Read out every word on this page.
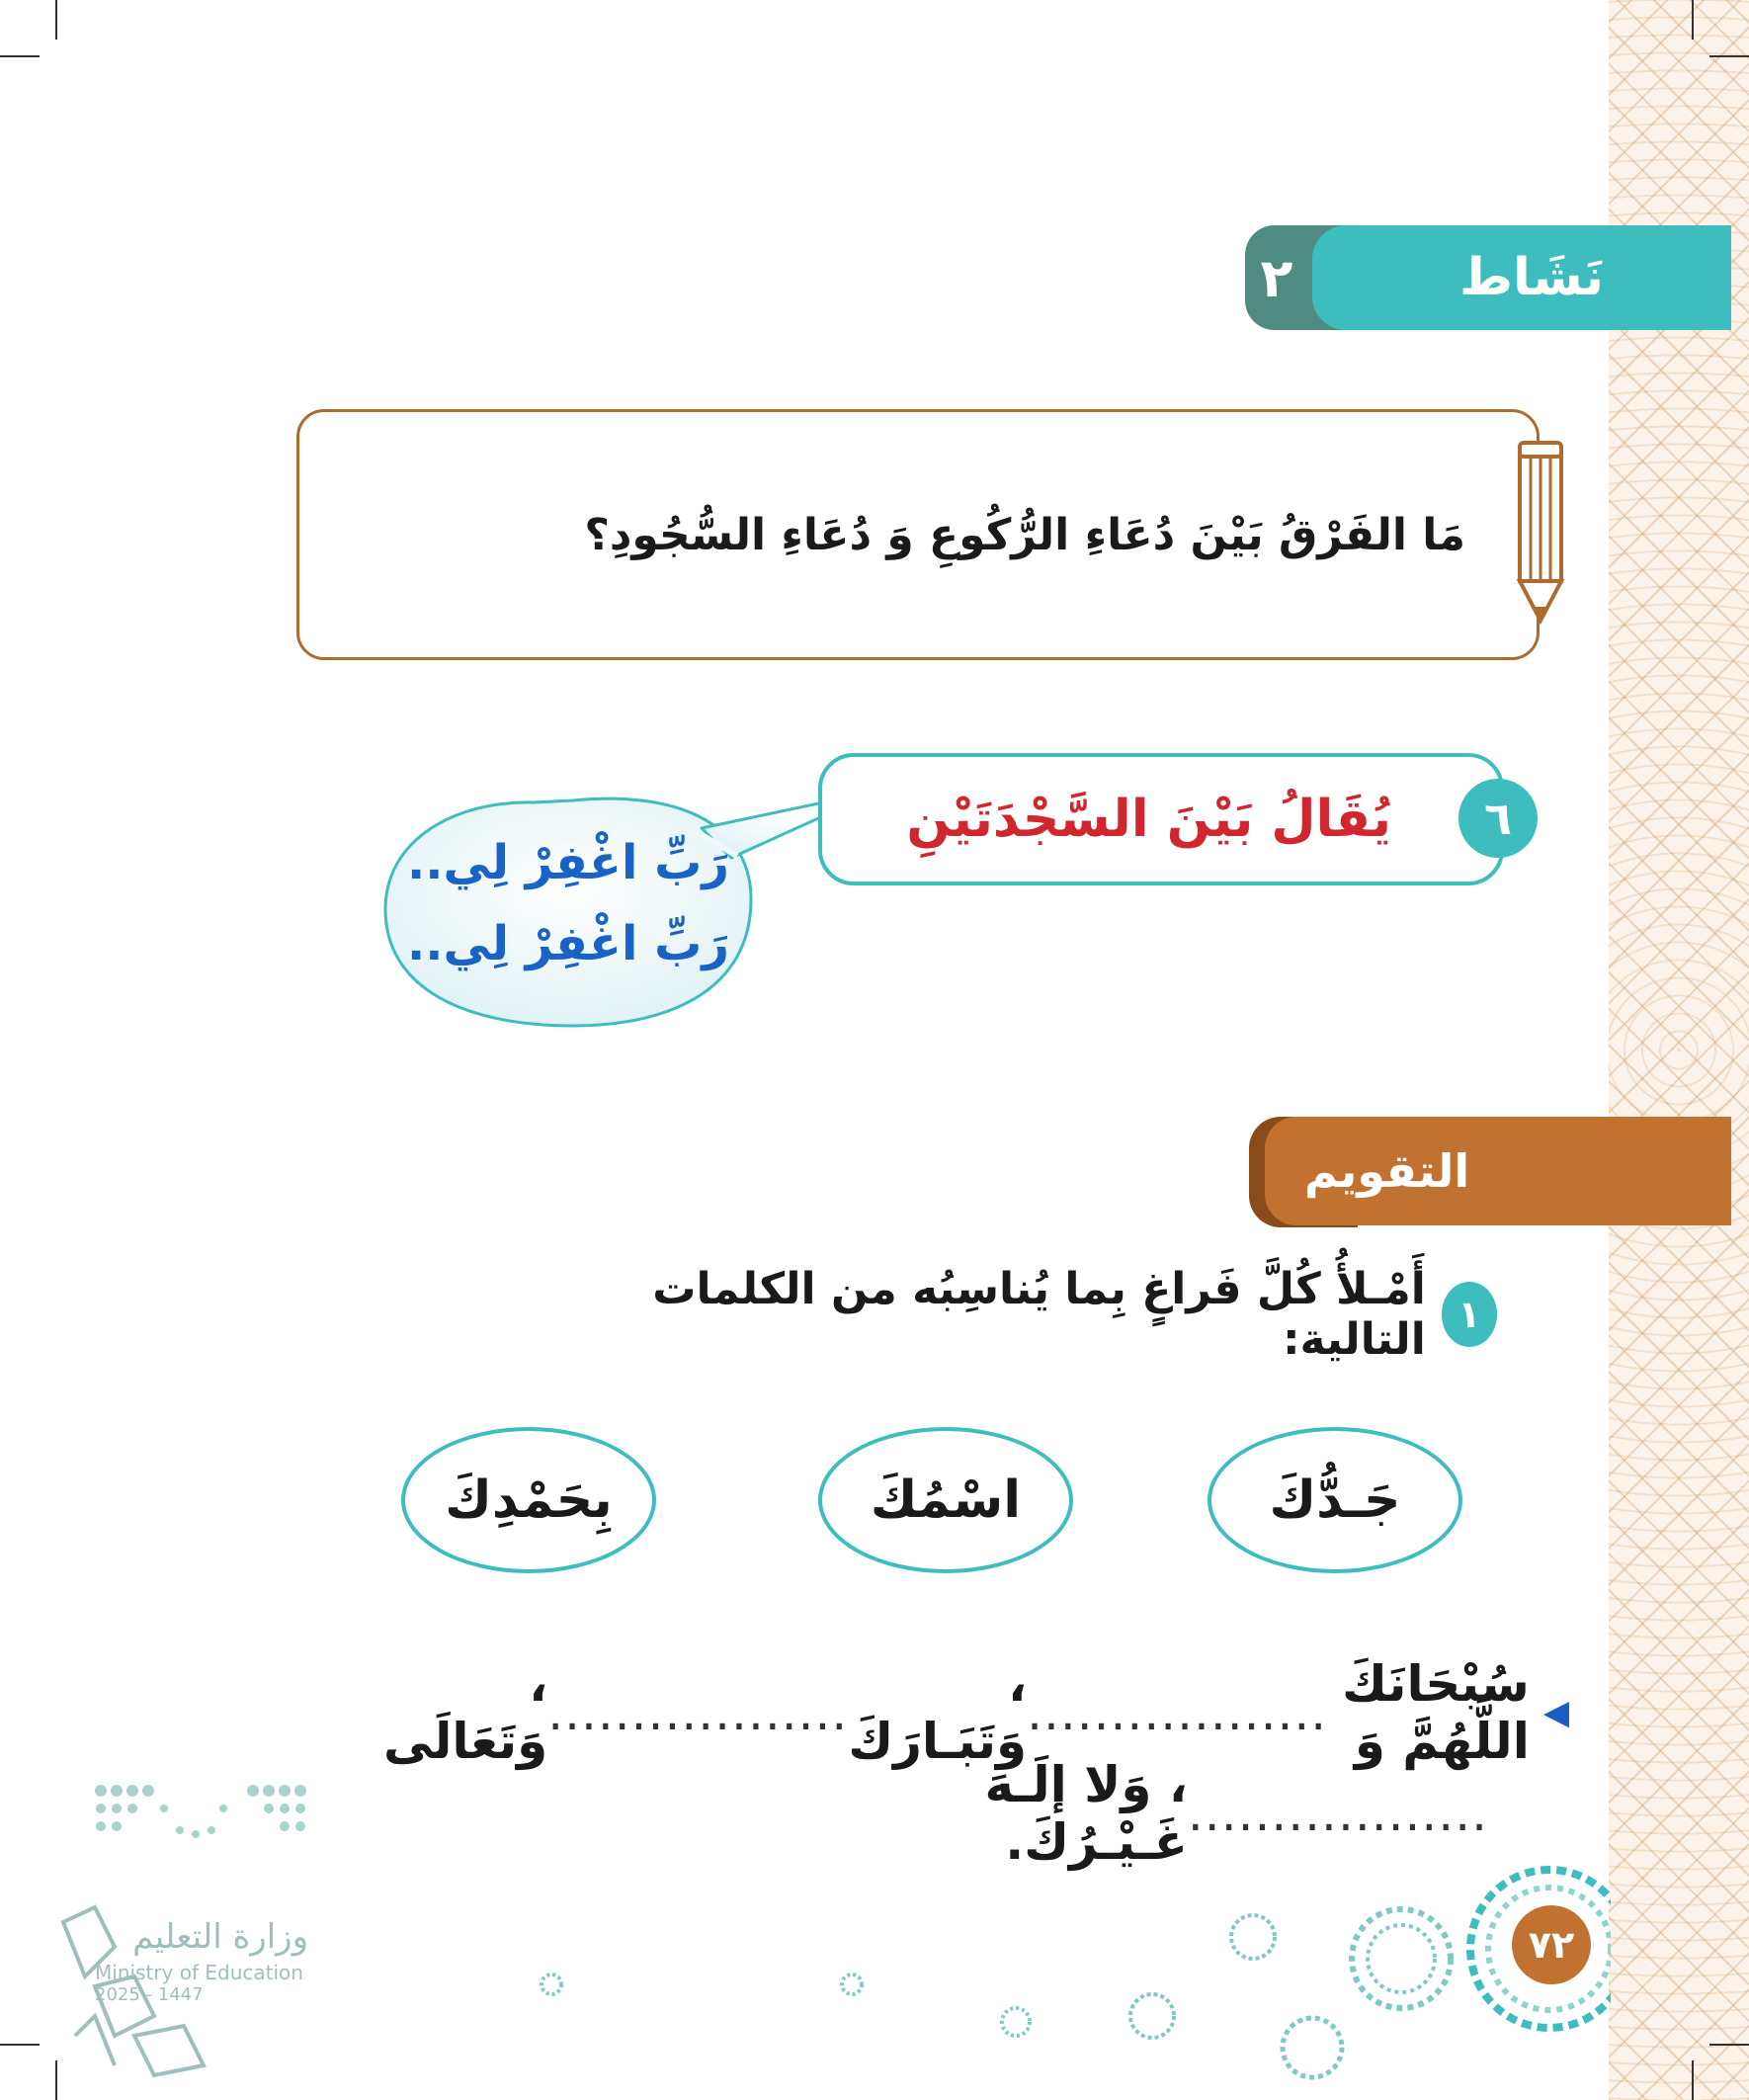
٢	نَشَاط
مَا الفَرْقُ بَيْنَ دُعَاءِ الرُّكُوعِ وَ دُعَاءِ السُّجُودِ؟
رَبِّ اغْفِرْ لِي..
رَبِّ اغْفِرْ لِي..
يُقَالُ بَيْنَ السَّجْدَتَيْنِ	٦
التقويم
أَمْـلأُ كُلَّ فَراغٍ بِما يُناسِبُه من الكلمات التالية: ١
جَـدُّكَ
اسْمُكَ
بِحَمْدِكَ
◀
سُبْحَانَكَ اللَّهُمَّ وَ
..................
، وَتَبَـارَكَ
..................
، وَتَعَالَى
..................
، وَلا إلَـهَ غَـيْـرُكَ.
٧٢
وزارة التعليم
Ministry of Education
2025 - 1447
